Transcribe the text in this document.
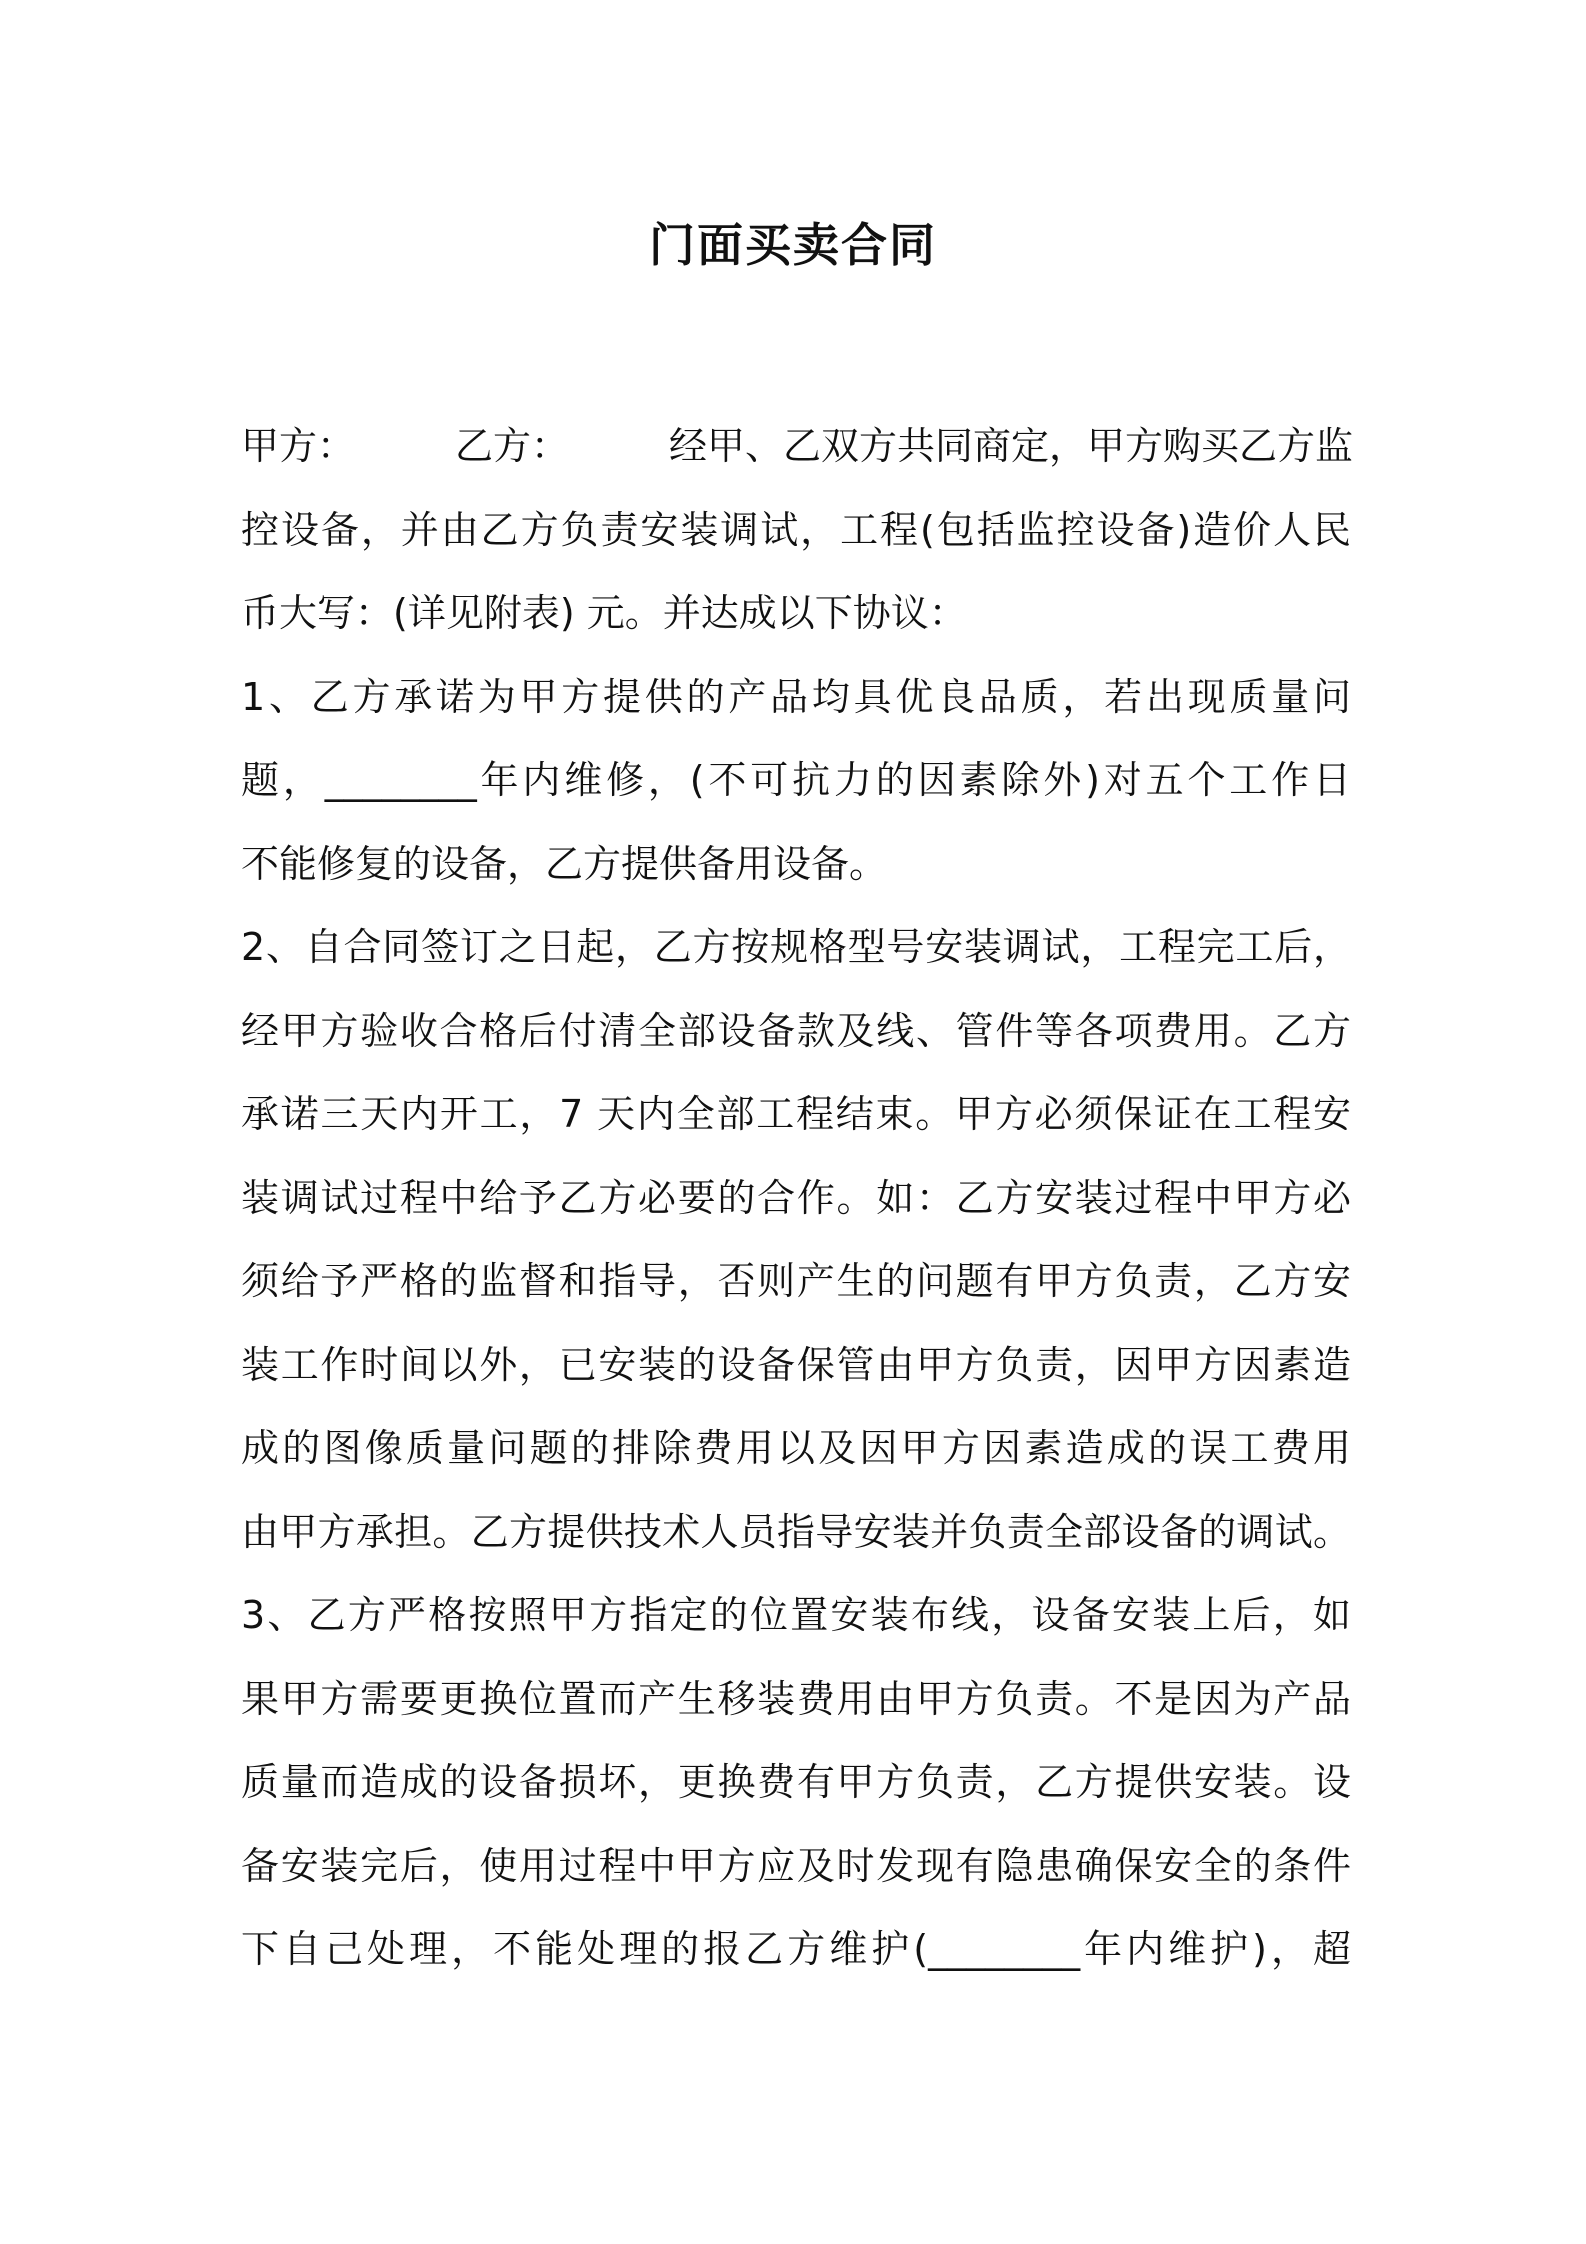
门面买卖合同
甲方：	乙方：	经甲、乙双方共同商定，甲方购买乙方监
控设备，并由乙方负责安装调试，工程(包括监控设备)造价人民
币大写：(详见附表) 元。并达成以下协议：
1、乙方承诺为甲方提供的产品均具优良品质，若出现质量问
题，________年内维修，(不可抗力的因素除外)对五个工作日
不能修复的设备，乙方提供备用设备。
2、自合同签订之日起，乙方按规格型号安装调试，工程完工后，
经甲方验收合格后付清全部设备款及线、管件等各项费用。乙方
承诺三天内开工，7 天内全部工程结束。甲方必须保证在工程安
装调试过程中给予乙方必要的合作。如：乙方安装过程中甲方必
须给予严格的监督和指导，否则产生的问题有甲方负责，乙方安
装工作时间以外，已安装的设备保管由甲方负责，因甲方因素造
成的图像质量问题的排除费用以及因甲方因素造成的误工费用
由甲方承担。乙方提供技术人员指导安装并负责全部设备的调试。
3、乙方严格按照甲方指定的位置安装布线，设备安装上后，如
果甲方需要更换位置而产生移装费用由甲方负责。不是因为产品
质量而造成的设备损坏，更换费有甲方负责，乙方提供安装。设
备安装完后，使用过程中甲方应及时发现有隐患确保安全的条件
下自己处理，不能处理的报乙方维护(________年内维护)，超
